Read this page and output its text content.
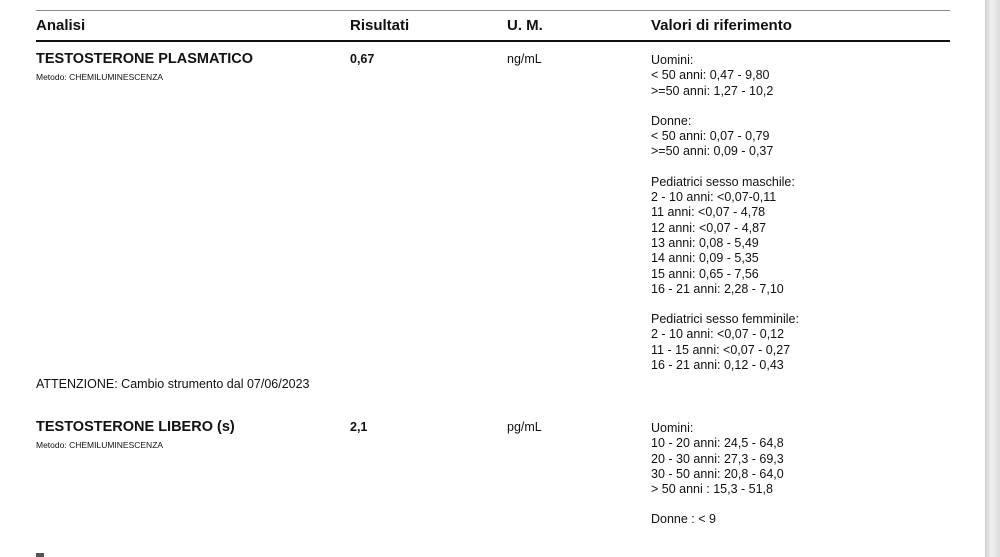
Analisi	Risultati	U. M.	Valori di riferimento
TESTOSTERONE PLASMATICO
Metodo: CHEMILUMINESCENZA
0,67	ng/mL	Uomini:
< 50 anni: 0,47 - 9,80
>=50 anni: 1,27 - 10,2
Donne:
< 50 anni: 0,07 - 0,79
>=50 anni: 0,09 - 0,37
Pediatrici sesso maschile:
2 - 10 anni: <0,07-0,11
11 anni: <0,07 - 4,78
12 anni: <0,07 - 4,87
13 anni: 0,08 - 5,49
14 anni: 0,09 - 5,35
15 anni: 0,65 - 7,56
16 - 21 anni: 2,28 - 7,10
Pediatrici sesso femminile:
2 - 10 anni: <0,07 - 0,12
11 - 15 anni: <0,07 - 0,27
16 - 21 anni: 0,12 - 0,43
ATTENZIONE: Cambio strumento dal 07/06/2023
TESTOSTERONE LIBERO (s)
Metodo: CHEMILUMINESCENZA
2,1	pg/mL	Uomini:
10 - 20 anni: 24,5 - 64,8
20 - 30 anni: 27,3 - 69,3
30 - 50 anni: 20,8 - 64,0
> 50 anni : 15,3 - 51,8
Donne : < 9
